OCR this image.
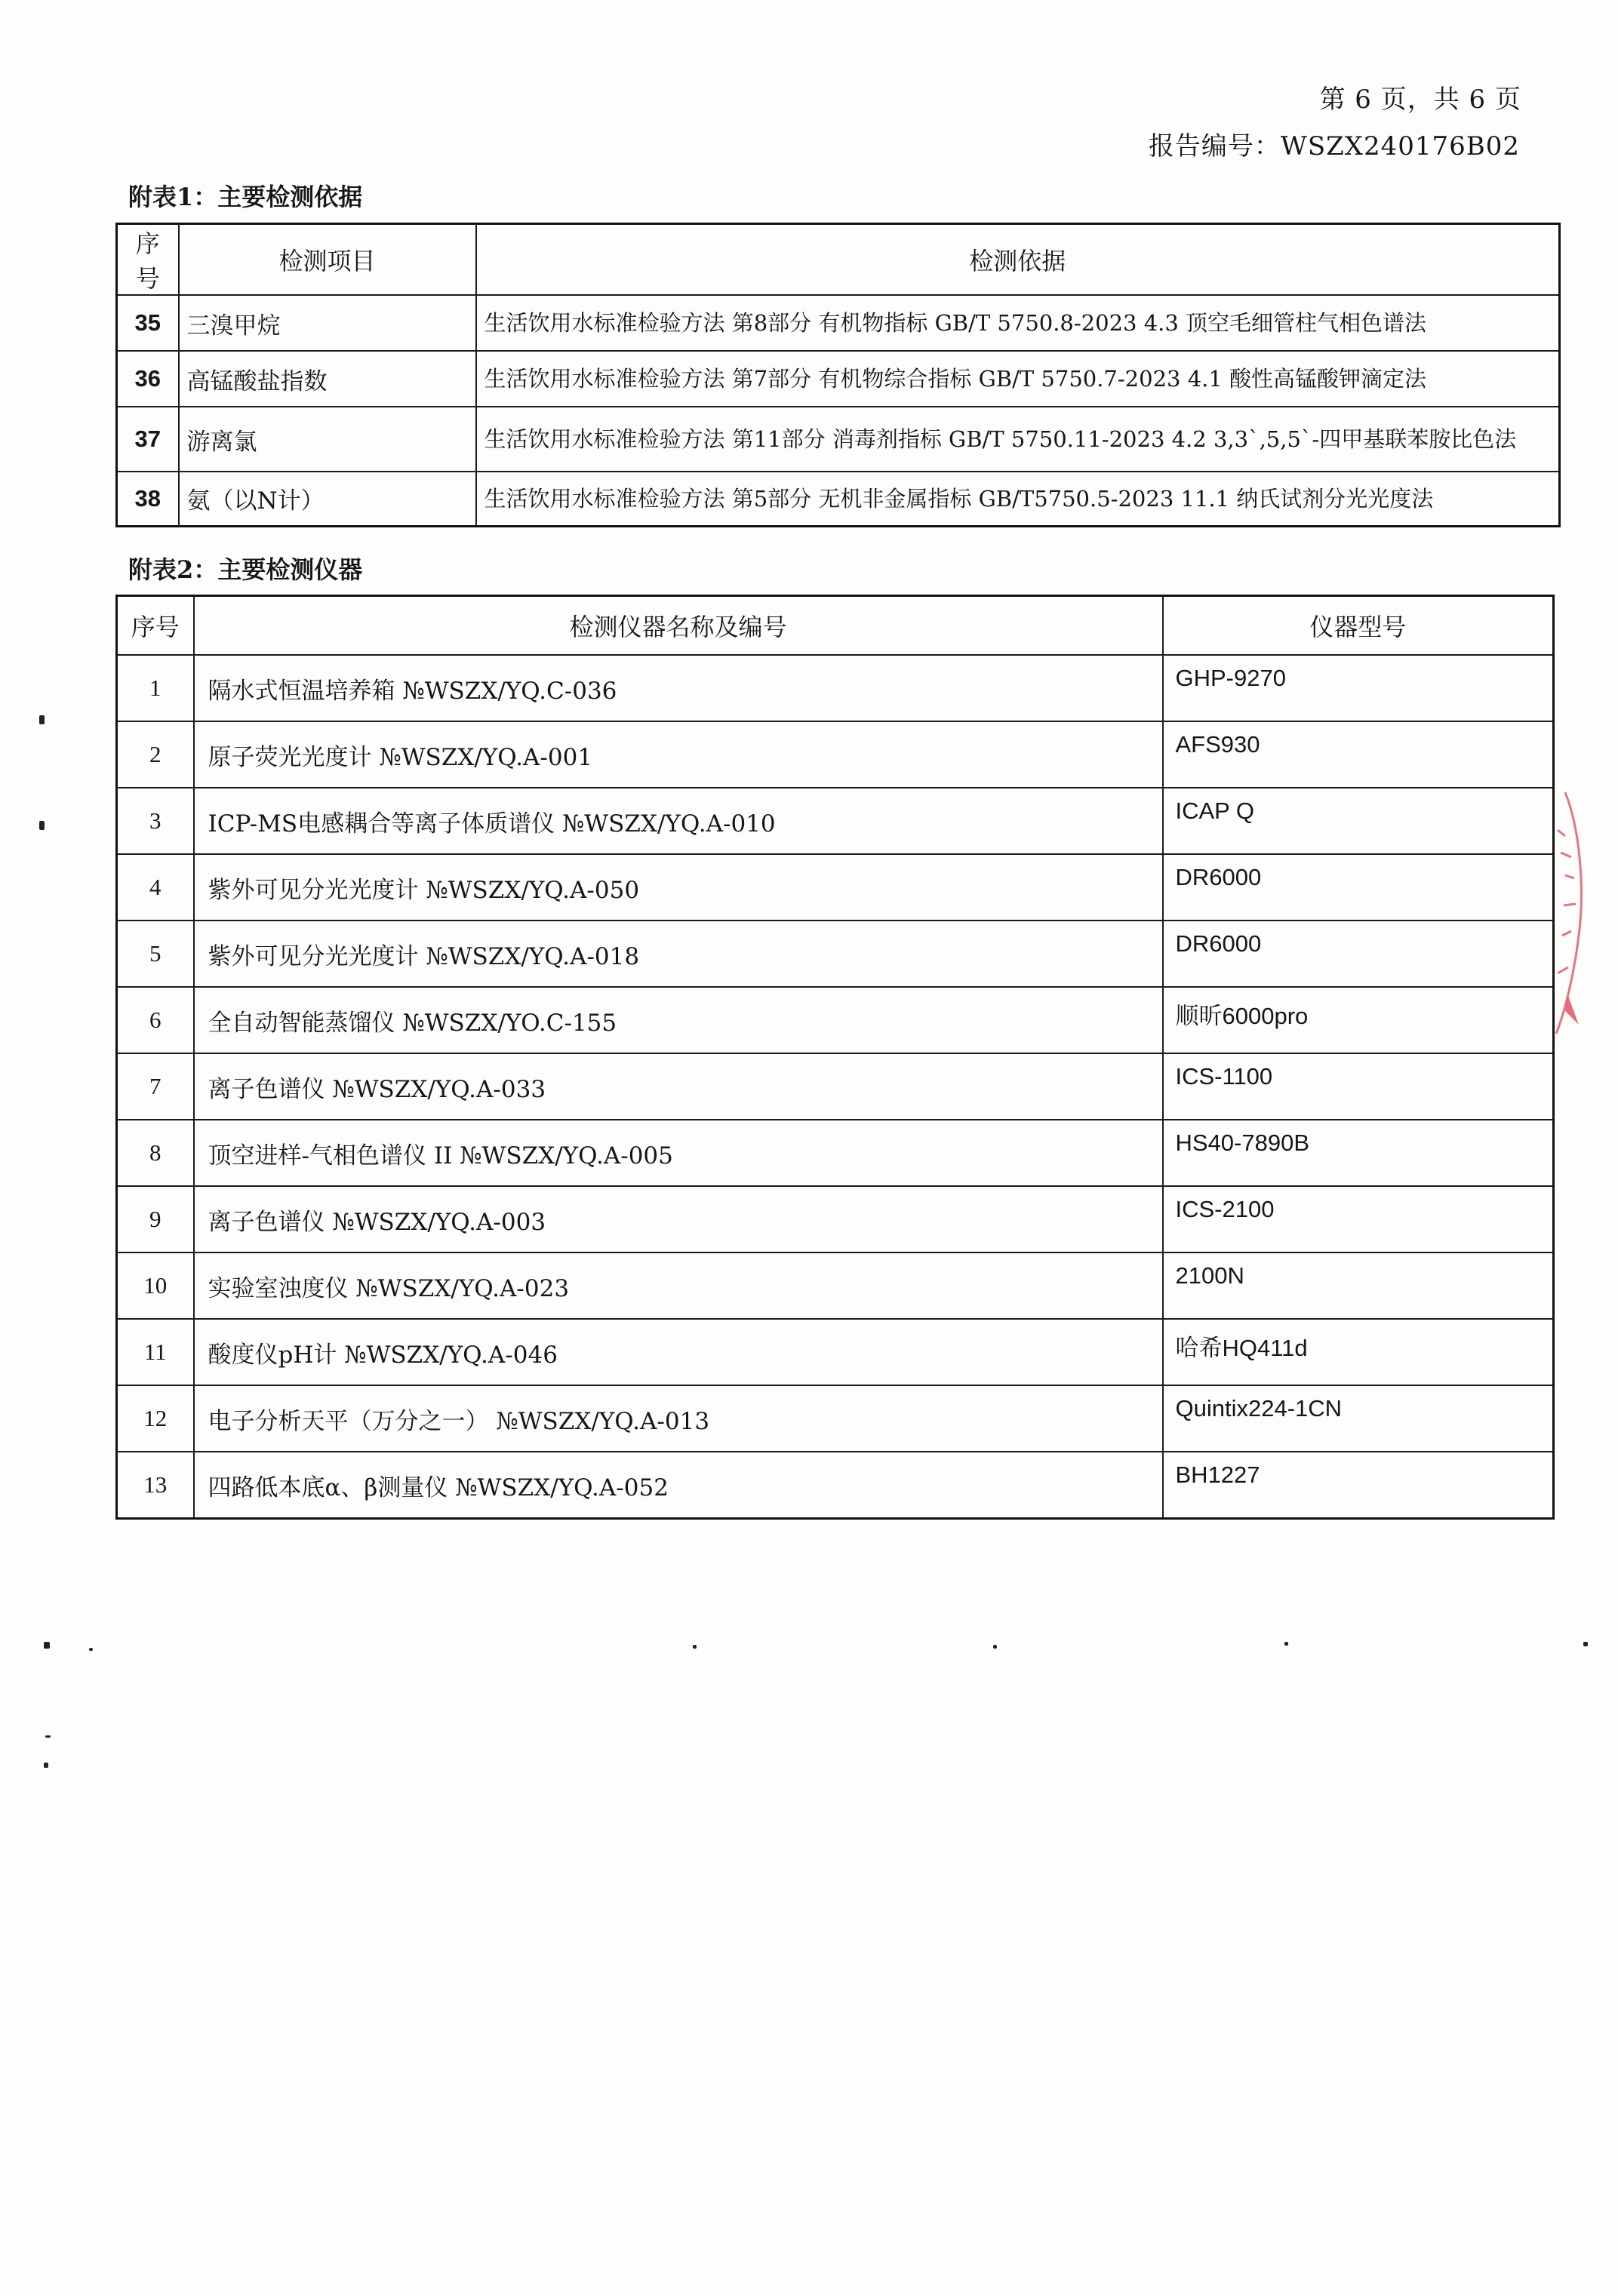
第 6 页，共 6 页
报告编号：WSZX240176B02
附表1：主要检测依据
序号	检测项目	检测依据
35	三溴甲烷	生活饮用水标准检验方法 第8部分 有机物指标 GB/T 5750.8-2023 4.3 顶空毛细管柱气相色谱法
36	高锰酸盐指数	生活饮用水标准检验方法 第7部分 有机物综合指标 GB/T 5750.7-2023 4.1 酸性高锰酸钾滴定法
37	游离氯	生活饮用水标准检验方法 第11部分 消毒剂指标 GB/T 5750.11-2023 4.2 3,3`,5,5`-四甲基联苯胺比色法
38	氨（以N计）	生活饮用水标准检验方法 第5部分 无机非金属指标 GB/T5750.5-2023 11.1 纳氏试剂分光光度法
附表2：主要检测仪器
序号	检测仪器名称及编号	仪器型号
1	隔水式恒温培养箱 №WSZX/YQ.C-036	GHP-9270
2	原子荧光光度计 №WSZX/YQ.A-001	AFS930
3	ICP-MS电感耦合等离子体质谱仪 №WSZX/YQ.A-010	ICAP Q
4	紫外可见分光光度计 №WSZX/YQ.A-050	DR6000
5	紫外可见分光光度计 №WSZX/YQ.A-018	DR6000
6	全自动智能蒸馏仪 №WSZX/YO.C-155	顺昕6000pro
7	离子色谱仪 №WSZX/YQ.A-033	ICS-1100
8	顶空进样-气相色谱仪 II №WSZX/YQ.A-005	HS40-7890B
9	离子色谱仪 №WSZX/YQ.A-003	ICS-2100
10	实验室浊度仪 №WSZX/YQ.A-023	2100N
11	酸度仪pH计 №WSZX/YQ.A-046	哈希HQ411d
12	电子分析天平（万分之一） №WSZX/YQ.A-013	Quintix224-1CN
13	四路低本底α、β测量仪 №WSZX/YQ.A-052	BH1227
